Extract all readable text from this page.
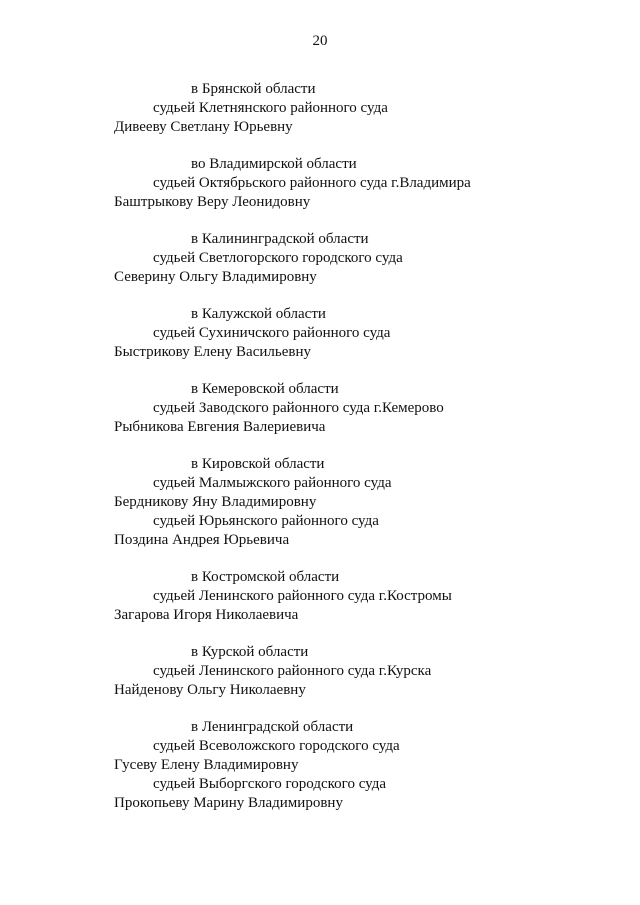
20
в Брянской области
судьей Клетнянского районного суда
Дивееву Светлану Юрьевну
во Владимирской области
судьей Октябрьского районного суда г.Владимира
Баштрыкову Веру Леонидовну
в Калининградской области
судьей Светлогорского городского суда
Северину Ольгу Владимировну
в Калужской области
судьей Сухиничского районного суда
Быстрикову Елену Васильевну
в Кемеровской области
судьей Заводского районного суда г.Кемерово
Рыбникова Евгения Валериевича
в Кировской области
судьей Малмыжского районного суда
Бердникову Яну Владимировну
судьей Юрьянского районного суда
Поздина Андрея Юрьевича
в Костромской области
судьей Ленинского районного суда г.Костромы
Загарова Игоря Николаевича
в Курской области
судьей Ленинского районного суда г.Курска
Найденову Ольгу Николаевну
в Ленинградской области
судьей Всеволожского городского суда
Гусеву Елену Владимировну
судьей Выборгского городского суда
Прокопьеву Марину Владимировну
